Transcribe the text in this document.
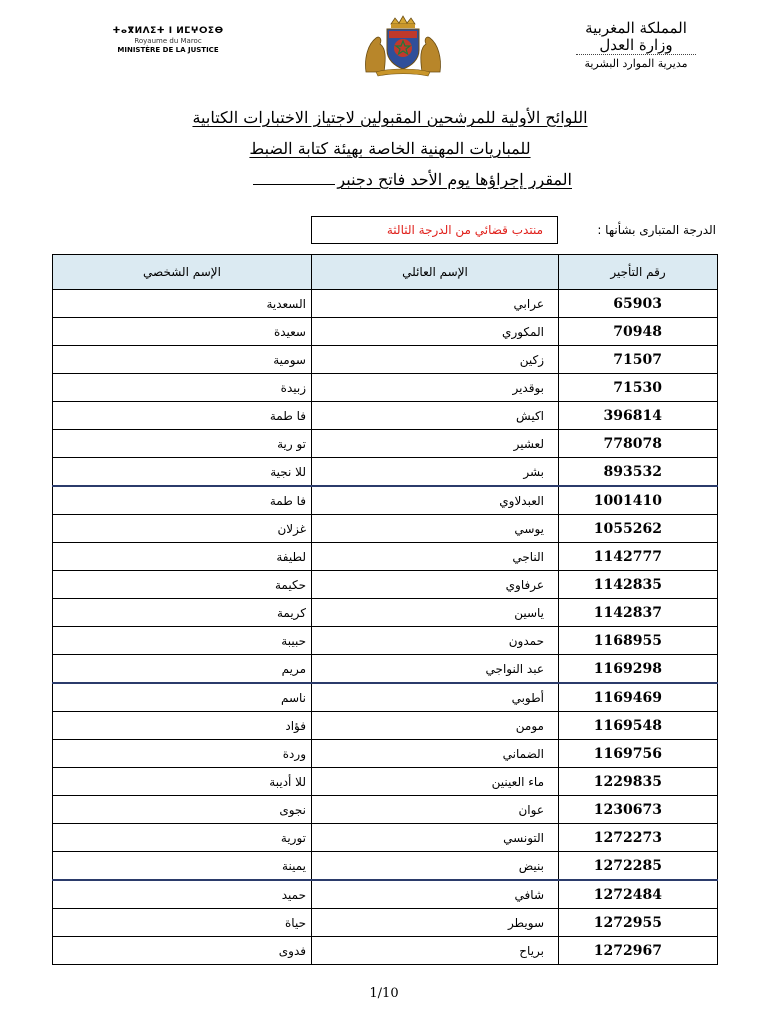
ⵜⴰⴳⵍⴷⵉⵜ ⵏ ⵍⵎⵖⵔⵉⴱ
Royaume du Maroc
MINISTÈRE DE LA JUSTICE
المملكة المغربية
وزارة العدل
مديرية الموارد البشرية
اللوائح الأولية للمرشحين المقبولين لاجتياز الاختبارات الكتابية
للمباريات المهنية الخاصة بهيئة كتابة الضبط
المقرر إجراؤها يوم الأحد فاتح دجنبر
الدرجة المتبارى بشأنها :
منتدب قضائي من الدرجة الثالثة
رقم التأجير	الإسم العائلي	الإسم الشخصي
65903	عرابي	السعدية
70948	المكوري	سعيدة
71507	زكين	سومية
71530	بوقدير	زبيدة
396814	اكيش	فا طمة
778078	لعشير	تو رية
893532	بشر	للا نجية
1001410	العبدلاوي	فا طمة
1055262	يوسي	غزلان
1142777	الناجي	لطيفة
1142835	عرفاوي	حكيمة
1142837	ياسين	كريمة
1168955	حمدون	حبيبة
1169298	عبد النواجي	مريم
1169469	أطوبي	ناسم
1169548	مومن	فؤاد
1169756	الضماني	وردة
1229835	ماء العينين	للا أديبة
1230673	عوان	نجوى
1272273	التونسي	تورية
1272285	بنيض	يمينة
1272484	شافي	حميد
1272955	سويطر	حياة
1272967	برياح	فدوى
1/10
